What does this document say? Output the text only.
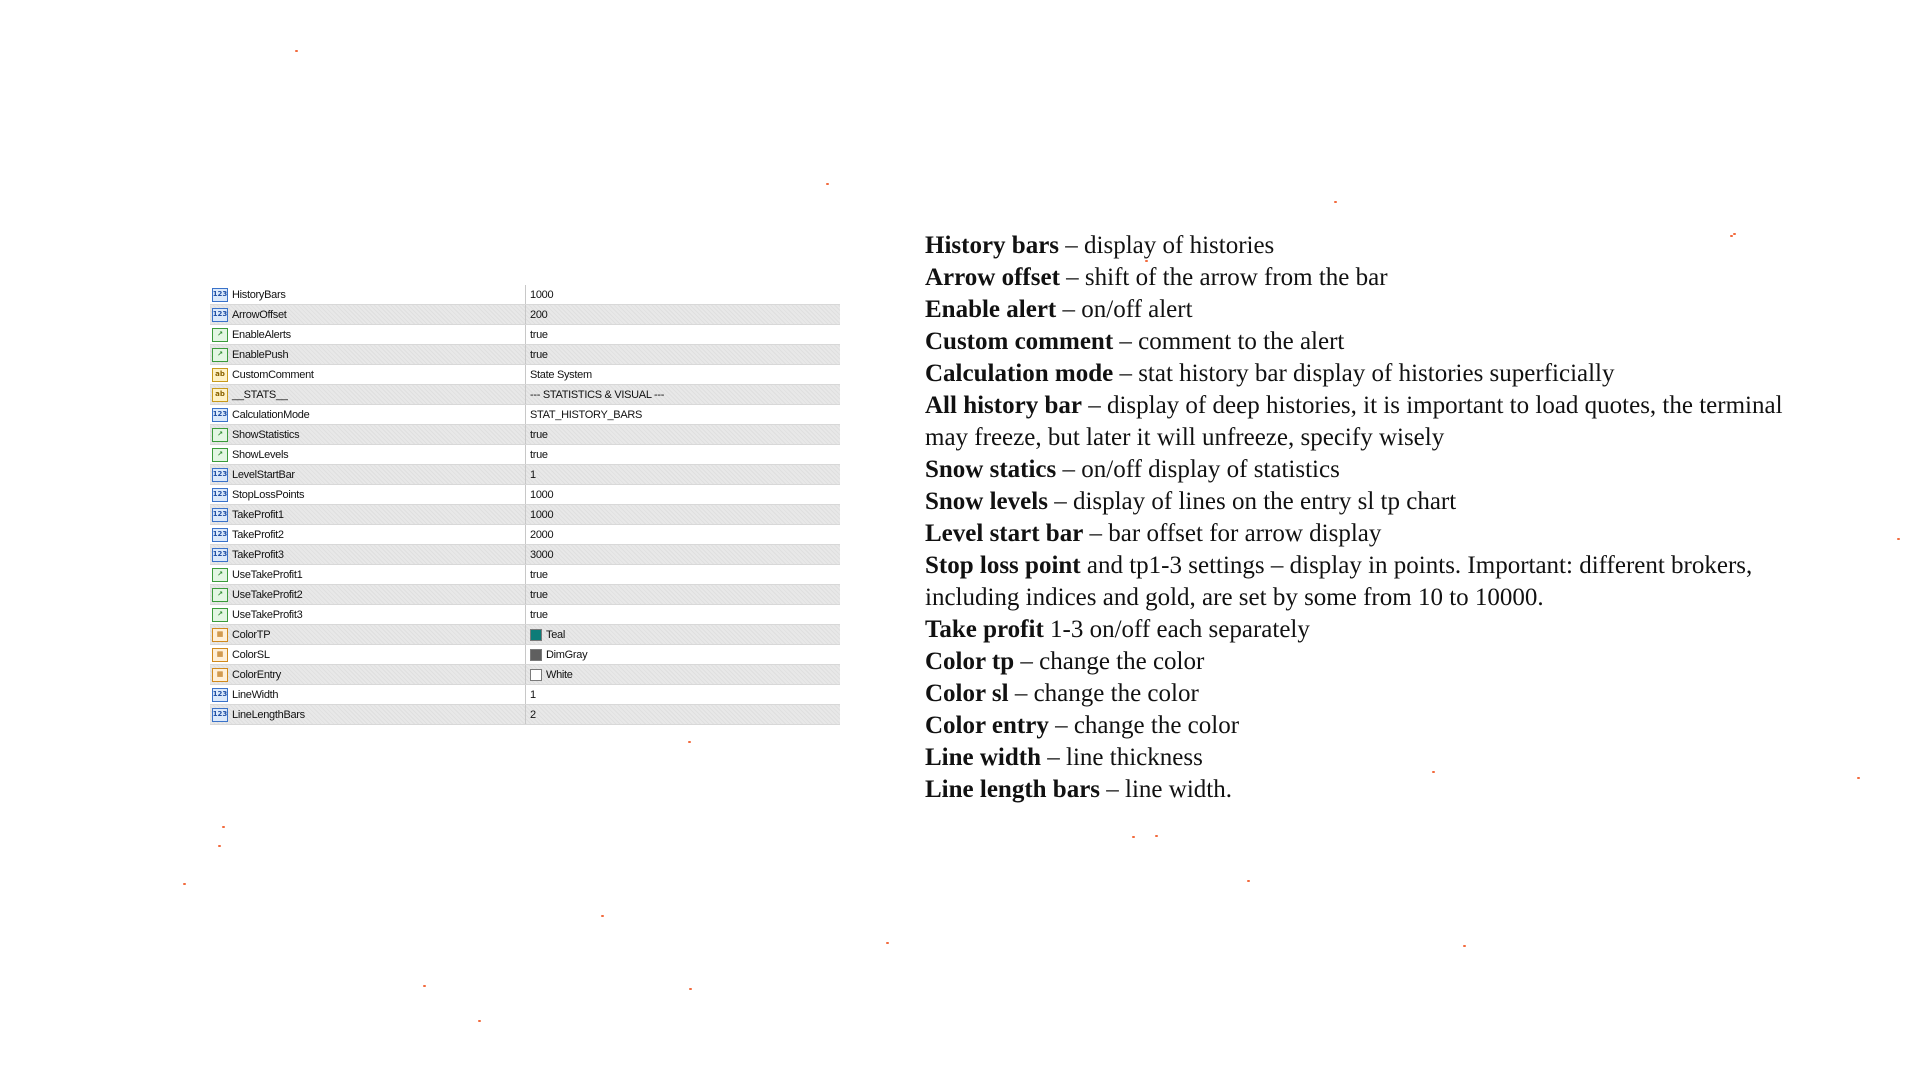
123 HistoryBars	1000
123 ArrowOffset	200
↗ EnableAlerts	true
↗ EnablePush	true
ab CustomComment	State System
ab __STATS__	--- STATISTICS & VISUAL ---
123 CalculationMode	STAT_HISTORY_BARS
↗ ShowStatistics	true
↗ ShowLevels	true
123 LevelStartBar	1
123 StopLossPoints	1000
123 TakeProfit1	1000
123 TakeProfit2	2000
123 TakeProfit3	3000
↗ UseTakeProfit1	true
↗ UseTakeProfit2	true
↗ UseTakeProfit3	true
▦ ColorTP	Teal
▦ ColorSL	DimGray
▦ ColorEntry	White
123 LineWidth	1
123 LineLengthBars	2

History bars – display of histories

Arrow offset – shift of the arrow from the bar

Enable alert – on/off alert

Custom comment – comment to the alert

Calculation mode – stat history bar display of histories superficially

All history bar – display of deep histories, it is important to load quotes, the terminal may freeze, but later it will unfreeze, specify wisely

Snow statics – on/off display of statistics

Snow levels – display of lines on the entry sl tp chart

Level start bar – bar offset for arrow display

Stop loss point and tp1-3 settings – display in points. Important: different brokers, including indices and gold, are set by some from 10 to 10000.

Take profit 1-3 on/off each separately

Color tp – change the color

Color sl – change the color

Color entry – change the color

Line width – line thickness

Line length bars – line width.
